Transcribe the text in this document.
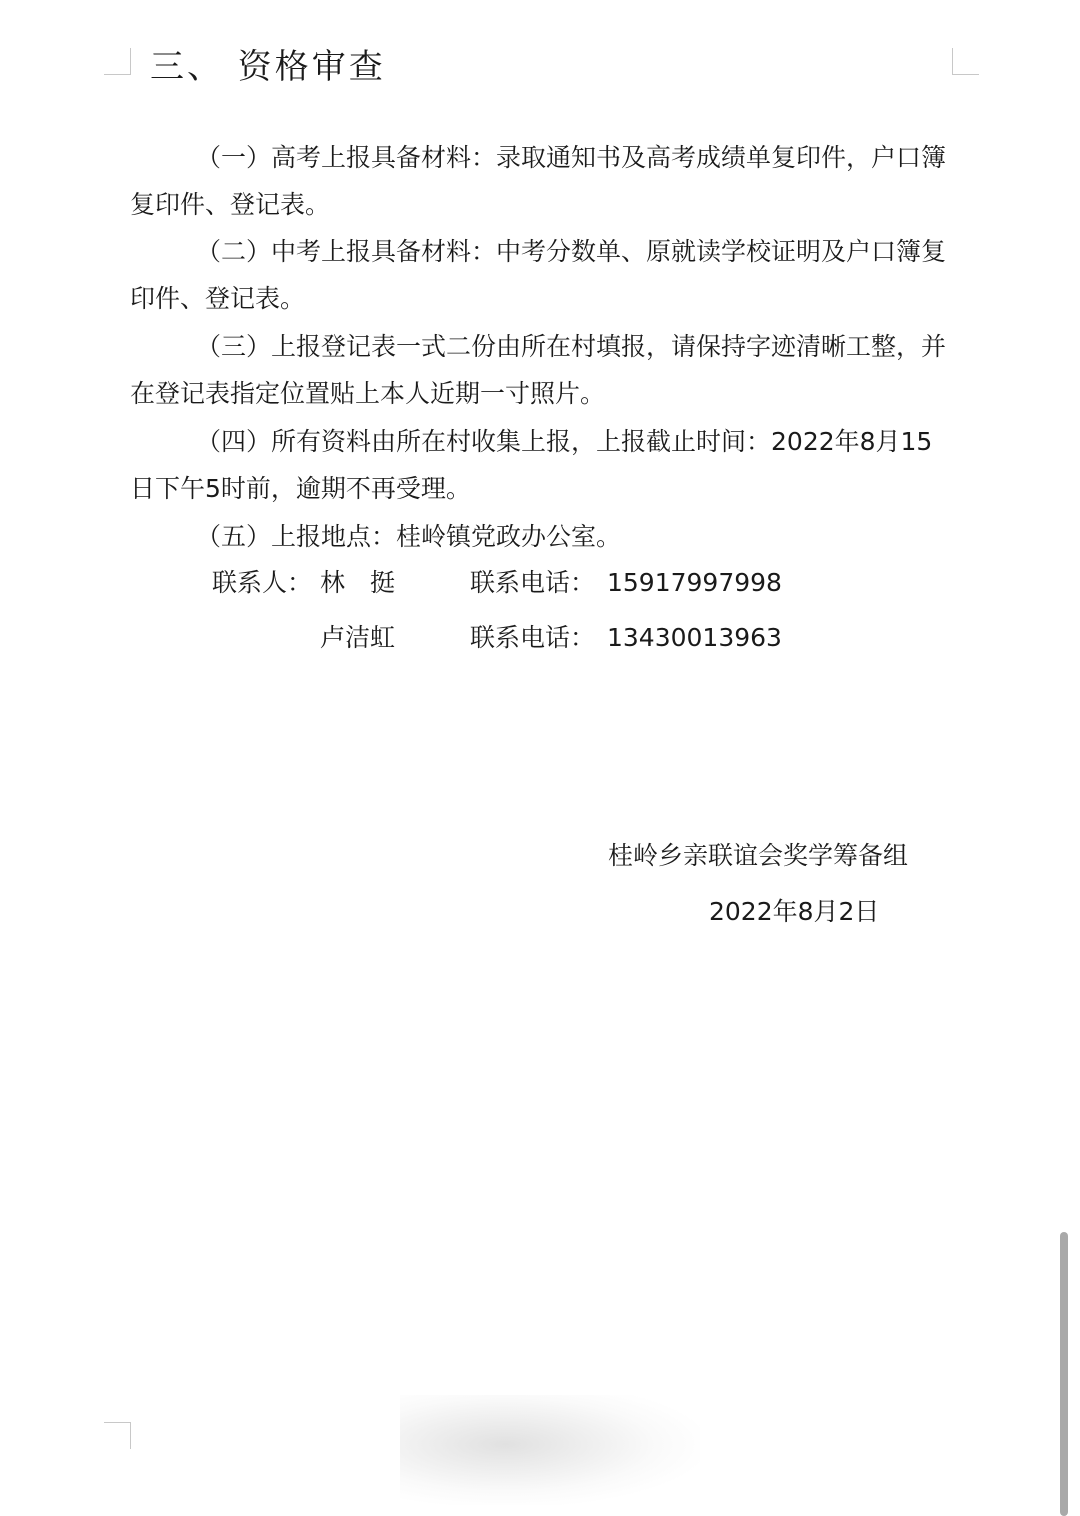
三、 资格审查
（一）高考上报具备材料：录取通知书及高考成绩单复印件，户口簿复印件、登记表。
（二）中考上报具备材料：中考分数单、原就读学校证明及户口簿复印件、登记表。
（三）上报登记表一式二份由所在村填报，请保持字迹清晰工整，并在登记表指定位置贴上本人近期一寸照片。
（四）所有资料由所在村收集上报，上报截止时间：2022年8月15日下午5时前，逾期不再受理。
（五）上报地点：桂岭镇党政办公室。
联系人： 林　挺	联系电话： 15917997998
卢洁虹	联系电话： 13430013963
桂岭乡亲联谊会奖学筹备组
2022年8月2日
